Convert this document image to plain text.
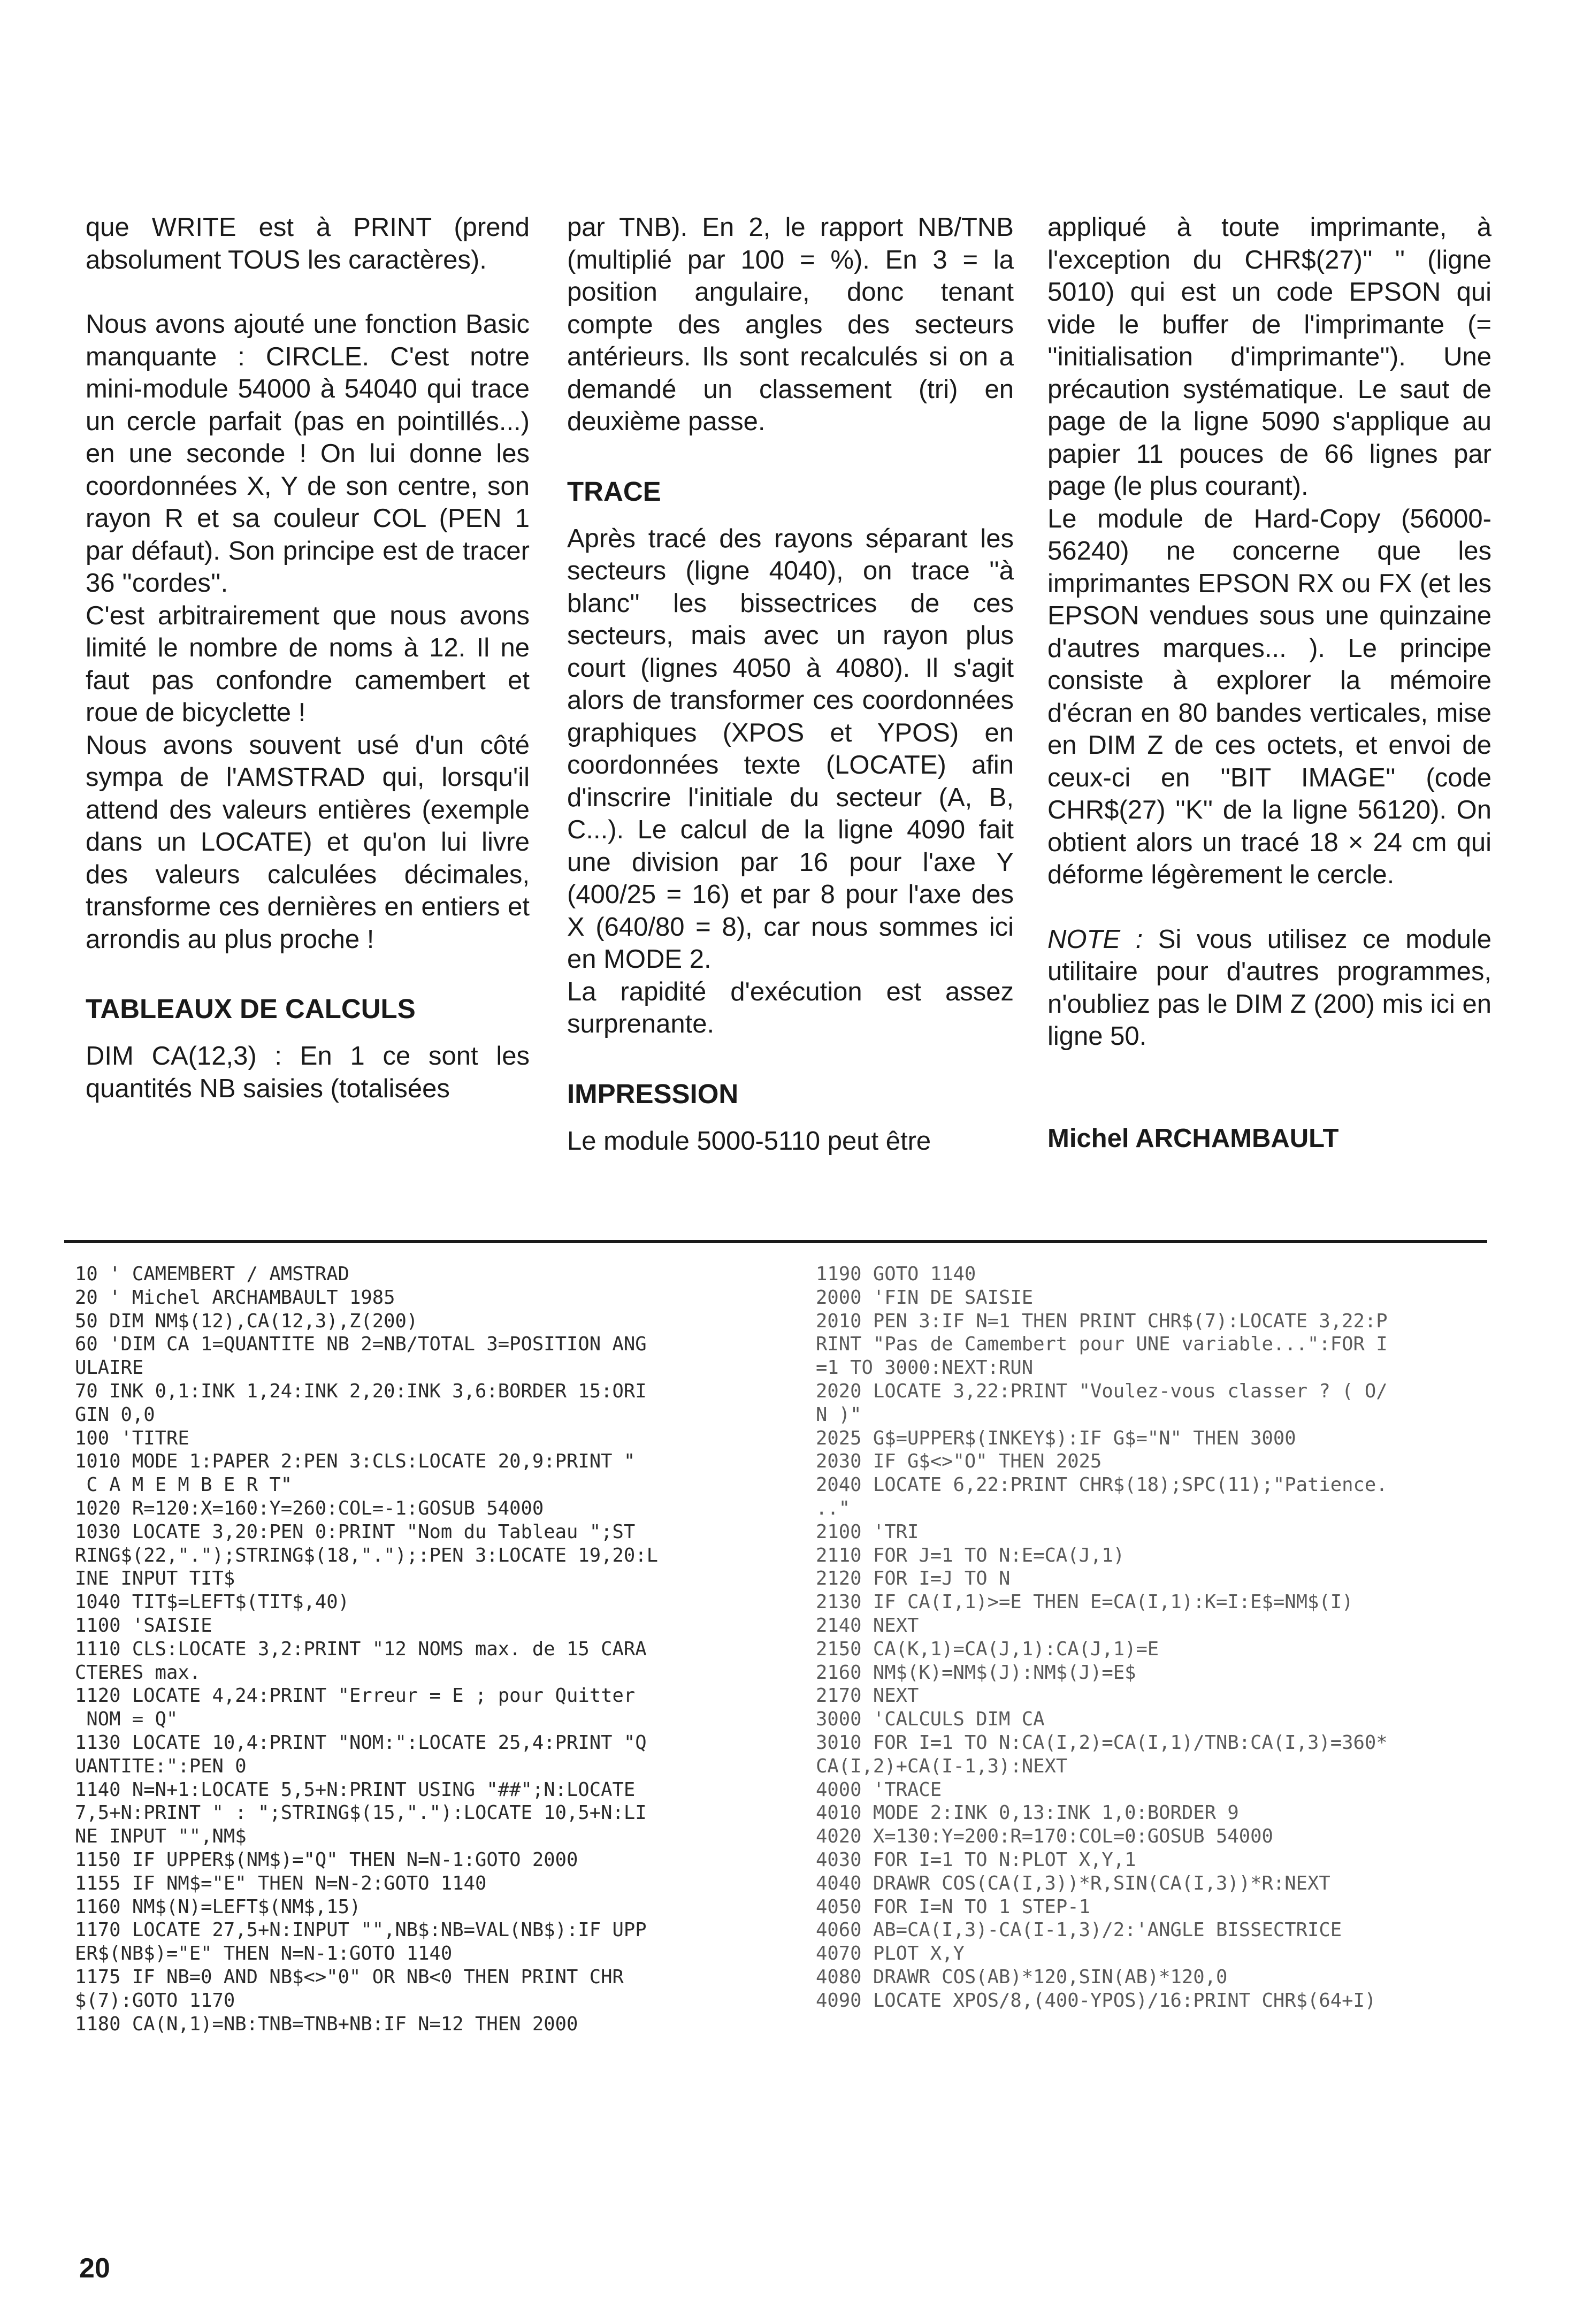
que WRITE est à PRINT (prend absolument TOUS les caractères).

Nous avons ajouté une fonction Basic manquante : CIRCLE. C'est notre mini-module 54000 à 54040 qui trace un cercle parfait (pas en pointillés...) en une seconde ! On lui donne les coordonnées X, Y de son centre, son rayon R et sa couleur COL (PEN 1 par défaut). Son principe est de tracer 36 ''cordes''.

C'est arbitrairement que nous avons limité le nombre de noms à 12. Il ne faut pas confondre camembert et roue de bicyclette !

Nous avons souvent usé d'un côté sympa de l'AMSTRAD qui, lorsqu'il attend des valeurs entières (exemple dans un LOCATE) et qu'on lui livre des valeurs calculées décimales, transforme ces dernières en entiers et arrondis au plus proche !

TABLEAUX DE CALCULS

DIM CA(12,3) : En 1 ce sont les quantités NB saisies (totalisées

par TNB). En 2, le rapport NB/TNB (multiplié par 100 = %). En 3 = la position angulaire, donc tenant compte des angles des secteurs antérieurs. Ils sont recalculés si on a demandé un classement (tri) en deuxième passe.

TRACE

Après tracé des rayons séparant les secteurs (ligne 4040), on trace ''à blanc'' les bissectrices de ces secteurs, mais avec un rayon plus court (lignes 4050 à 4080). Il s'agit alors de transformer ces coordonnées graphiques (XPOS et YPOS) en coordonnées texte (LOCATE) afin d'inscrire l'initiale du secteur (A, B, C...). Le calcul de la ligne 4090 fait une division par 16 pour l'axe Y (400/25 = 16) et par 8 pour l'axe des X (640/80 = 8), car nous sommes ici en MODE 2.

La rapidité d'exécution est assez surprenante.

IMPRESSION

Le module 5000-5110 peut être

appliqué à toute imprimante, à l'exception du CHR$(27)'' '' (ligne 5010) qui est un code EPSON qui vide le buffer de l'imprimante (= ''initialisation d'imprimante''). Une précaution systématique. Le saut de page de la ligne 5090 s'applique au papier 11 pouces de 66 lignes par page (le plus courant).

Le module de Hard-Copy (56000-56240) ne concerne que les imprimantes EPSON RX ou FX (et les EPSON vendues sous une quinzaine d'autres marques... ). Le principe consiste à explorer la mémoire d'écran en 80 bandes verticales, mise en DIM Z de ces octets, et envoi de ceux-ci en ''BIT IMAGE'' (code CHR$(27) ''K'' de la ligne 56120). On obtient alors un tracé 18 × 24 cm qui déforme légèrement le cercle.

NOTE : Si vous utilisez ce module utilitaire pour d'autres programmes, n'oubliez pas le DIM Z (200) mis ici en ligne 50.

Michel ARCHAMBAULT

10 ' CAMEMBERT / AMSTRAD
20 ' Michel ARCHAMBAULT 1985
50 DIM NM$(12),CA(12,3),Z(200)
60 'DIM CA 1=QUANTITE NB 2=NB/TOTAL 3=POSITION ANG
ULAIRE
70 INK 0,1:INK 1,24:INK 2,20:INK 3,6:BORDER 15:ORI
GIN 0,0
100 'TITRE
1010 MODE 1:PAPER 2:PEN 3:CLS:LOCATE 20,9:PRINT "
C A M E M B E R T"
1020 R=120:X=160:Y=260:COL=-1:GOSUB 54000
1030 LOCATE 3,20:PEN 0:PRINT "Nom du Tableau ";ST
RING$(22,".");STRING$(18,".");:PEN 3:LOCATE 19,20:L
INE INPUT TIT$
1040 TIT$=LEFT$(TIT$,40)
1100 'SAISIE
1110 CLS:LOCATE 3,2:PRINT "12 NOMS max. de 15 CARA
CTERES max.
1120 LOCATE 4,24:PRINT "Erreur = E ; pour Quitter
NOM = Q"
1130 LOCATE 10,4:PRINT "NOM:":LOCATE 25,4:PRINT "Q
UANTITE:":PEN 0
1140 N=N+1:LOCATE 5,5+N:PRINT USING "##";N:LOCATE
7,5+N:PRINT " : ";STRING$(15,"."):LOCATE 10,5+N:LI
NE INPUT "",NM$
1150 IF UPPER$(NM$)="Q" THEN N=N-1:GOTO 2000
1155 IF NM$="E" THEN N=N-2:GOTO 1140
1160 NM$(N)=LEFT$(NM$,15)
1170 LOCATE 27,5+N:INPUT "",NB$:NB=VAL(NB$):IF UPP
ER$(NB$)="E" THEN N=N-1:GOTO 1140
1175 IF NB=0 AND NB$<>"0" OR NB<0 THEN PRINT CHR
$(7):GOTO 1170
1180 CA(N,1)=NB:TNB=TNB+NB:IF N=12 THEN 2000
1190 GOTO 1140
2000 'FIN DE SAISIE
2010 PEN 3:IF N=1 THEN PRINT CHR$(7):LOCATE 3,22:P
RINT "Pas de Camembert pour UNE variable...":FOR I
=1 TO 3000:NEXT:RUN
2020 LOCATE 3,22:PRINT "Voulez-vous classer ? ( O/
N )"
2025 G$=UPPER$(INKEY$):IF G$="N" THEN 3000
2030 IF G$<>"O" THEN 2025
2040 LOCATE 6,22:PRINT CHR$(18);SPC(11);"Patience.
.."
2100 'TRI
2110 FOR J=1 TO N:E=CA(J,1)
2120 FOR I=J TO N
2130 IF CA(I,1)>=E THEN E=CA(I,1):K=I:E$=NM$(I)
2140 NEXT
2150 CA(K,1)=CA(J,1):CA(J,1)=E
2160 NM$(K)=NM$(J):NM$(J)=E$
2170 NEXT
3000 'CALCULS DIM CA
3010 FOR I=1 TO N:CA(I,2)=CA(I,1)/TNB:CA(I,3)=360*
CA(I,2)+CA(I-1,3):NEXT
4000 'TRACE
4010 MODE 2:INK 0,13:INK 1,0:BORDER 9
4020 X=130:Y=200:R=170:COL=0:GOSUB 54000
4030 FOR I=1 TO N:PLOT X,Y,1
4040 DRAWR COS(CA(I,3))*R,SIN(CA(I,3))*R:NEXT
4050 FOR I=N TO 1 STEP-1
4060 AB=CA(I,3)-CA(I-1,3)/2:'ANGLE BISSECTRICE
4070 PLOT X,Y
4080 DRAWR COS(AB)*120,SIN(AB)*120,0
4090 LOCATE XPOS/8,(400-YPOS)/16:PRINT CHR$(64+I)
20
